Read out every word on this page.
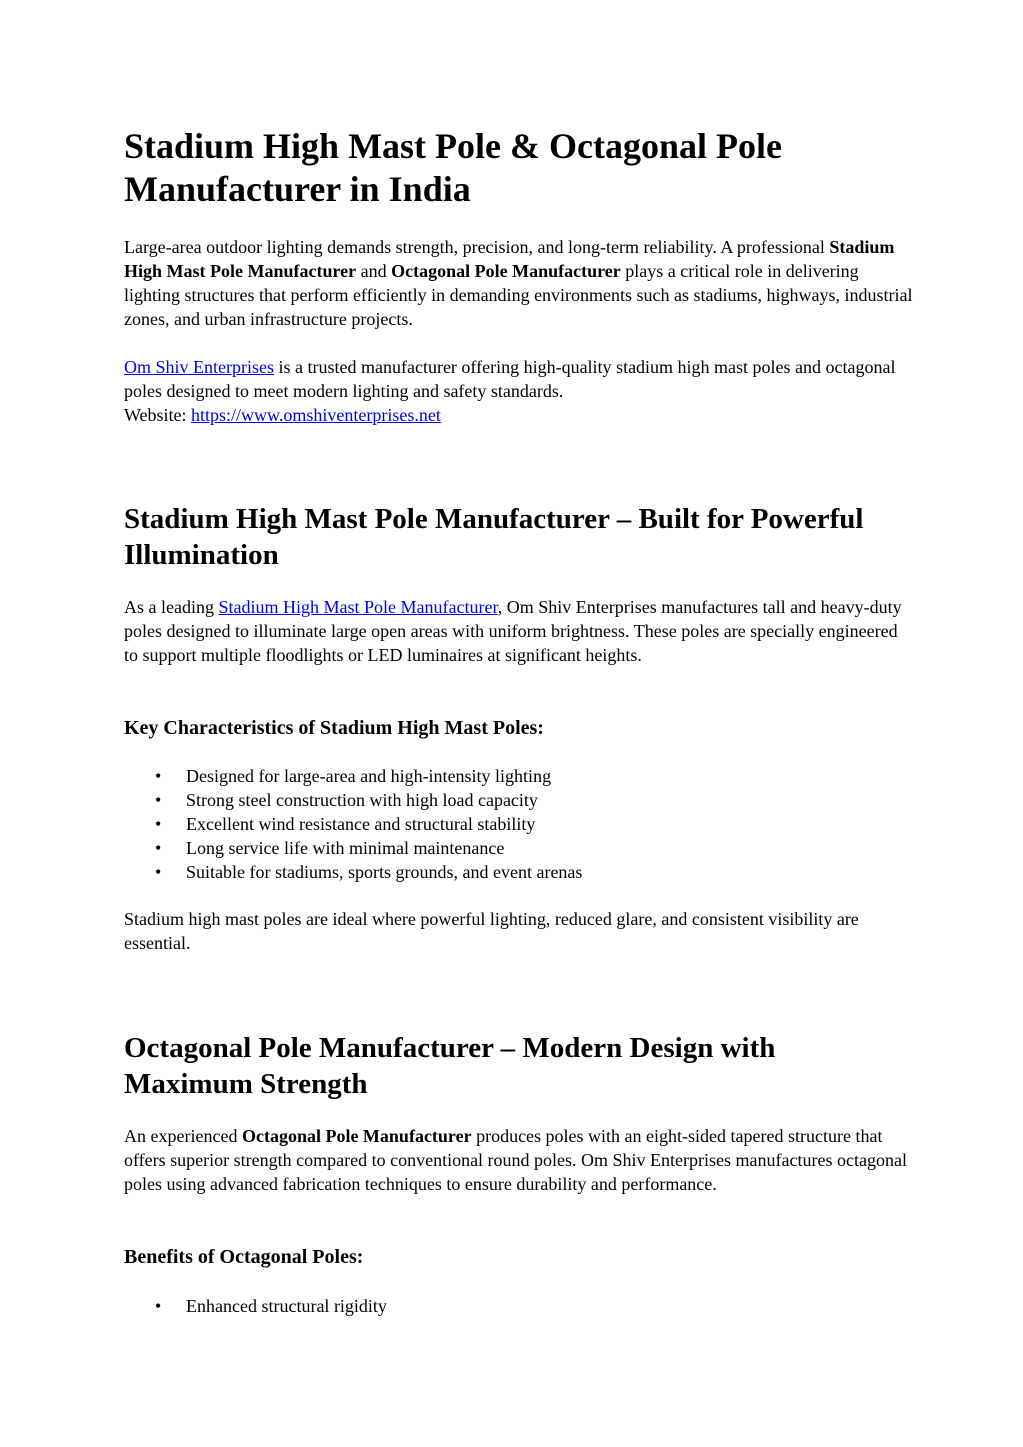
Stadium High Mast Pole & Octagonal Pole Manufacturer in India

Large-area outdoor lighting demands strength, precision, and long-term reliability. A professional Stadium High Mast Pole Manufacturer and Octagonal Pole Manufacturer plays a critical role in delivering lighting structures that perform efficiently in demanding environments such as stadiums, highways, industrial zones, and urban infrastructure projects.

Om Shiv Enterprises is a trusted manufacturer offering high-quality stadium high mast poles and octagonal poles designed to meet modern lighting and safety standards.
Website: https://www.omshiventerprises.net

Stadium High Mast Pole Manufacturer – Built for Powerful Illumination

As a leading Stadium High Mast Pole Manufacturer, Om Shiv Enterprises manufactures tall and heavy-duty poles designed to illuminate large open areas with uniform brightness. These poles are specially engineered to support multiple floodlights or LED luminaires at significant heights.

Key Characteristics of Stadium High Mast Poles:
• Designed for large-area and high-intensity lighting
• Strong steel construction with high load capacity
• Excellent wind resistance and structural stability
• Long service life with minimal maintenance
• Suitable for stadiums, sports grounds, and event arenas

Stadium high mast poles are ideal where powerful lighting, reduced glare, and consistent visibility are essential.

Octagonal Pole Manufacturer – Modern Design with Maximum Strength

An experienced Octagonal Pole Manufacturer produces poles with an eight-sided tapered structure that offers superior strength compared to conventional round poles. Om Shiv Enterprises manufactures octagonal poles using advanced fabrication techniques to ensure durability and performance.

Benefits of Octagonal Poles:
• Enhanced structural rigidity
